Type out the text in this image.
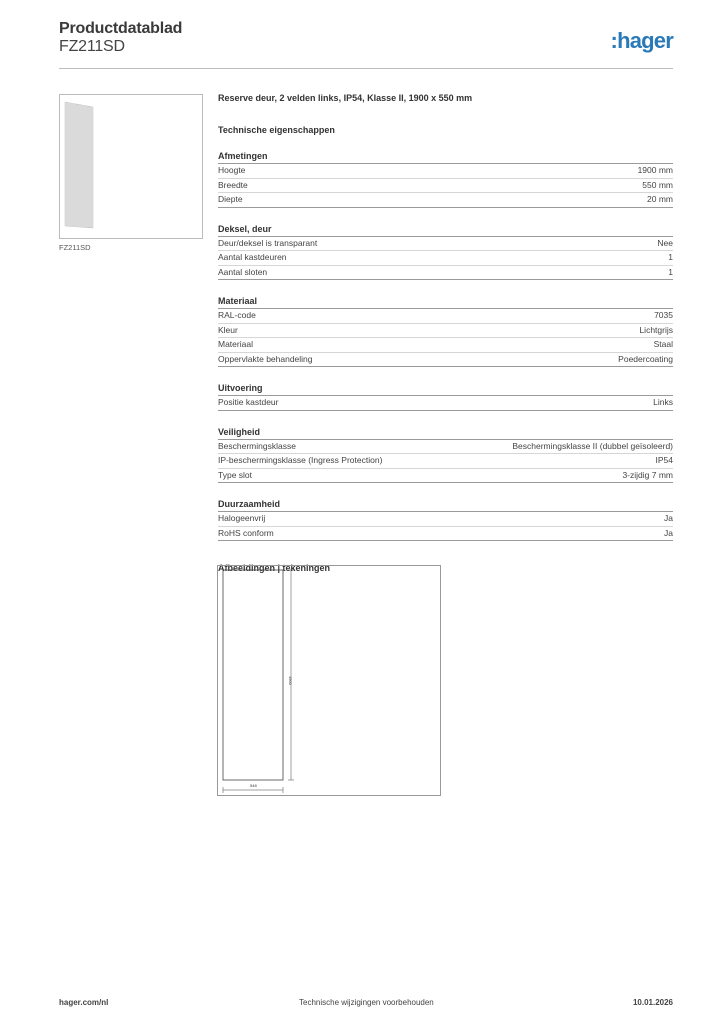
Productdatablad
FZ211SD	:hager
FZ211SD
Reserve deur, 2 velden links, IP54, Klasse II, 1900 x 550 mm
Technische eigenschappen
Afmetingen
Hoogte	1900 mm
Breedte	550 mm
Diepte	20 mm
Deksel, deur
Deur/deksel is transparant	Nee
Aantal kastdeuren	1
Aantal sloten	1
Materiaal
RAL-code	7035
Kleur	Lichtgrijs
Materiaal	Staal
Oppervlakte behandeling	Poedercoating
Uitvoering
Positie kastdeur	Links
Veiligheid
Beschermingsklasse	Beschermingsklasse II (dubbel geïsoleerd)
IP-beschermingsklasse (Ingress Protection)	IP54
Type slot	3-zijdig 7 mm
Duurzaamheid
Halogeenvrij	Ja
RoHS conform	Ja
Afbeeldingen | tekeningen
1900
548
hager.com/nl	Technische wijzigingen voorbehouden	10.01.2026
